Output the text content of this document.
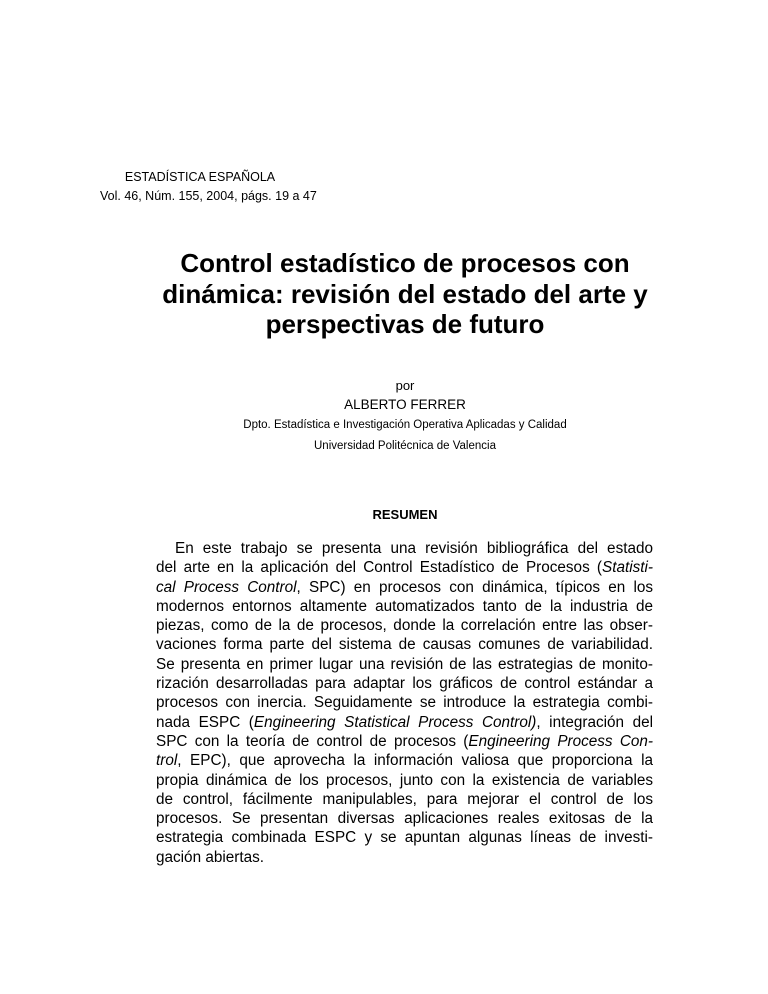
ESTADÍSTICA ESPAÑOLA
Vol. 46, Núm. 155, 2004, págs. 19 a 47
Control estadístico de procesos con
dinámica: revisión del estado del arte y
perspectivas de futuro
por
ALBERTO FERRER
Dpto. Estadística e Investigación Operativa Aplicadas y Calidad
Universidad Politécnica de Valencia
RESUMEN
En este trabajo se presenta una revisión bibliográfica del estado
del arte en la aplicación del Control Estadístico de Procesos (Statisti-
cal Process Control, SPC) en procesos con dinámica, típicos en los
modernos entornos altamente automatizados tanto de la industria de
piezas, como de la de procesos, donde la correlación entre las obser-
vaciones forma parte del sistema de causas comunes de variabilidad.
Se presenta en primer lugar una revisión de las estrategias de monito-
rización desarrolladas para adaptar los gráficos de control estándar a
procesos con inercia. Seguidamente se introduce la estrategia combi-
nada ESPC (Engineering Statistical Process Control), integración del
SPC con la teoría de control de procesos (Engineering Process Con-
trol, EPC), que aprovecha la información valiosa que proporciona la
propia dinámica de los procesos, junto con la existencia de variables
de control, fácilmente manipulables, para mejorar el control de los
procesos. Se presentan diversas aplicaciones reales exitosas de la
estrategia combinada ESPC y se apuntan algunas líneas de investi-
gación abiertas.
